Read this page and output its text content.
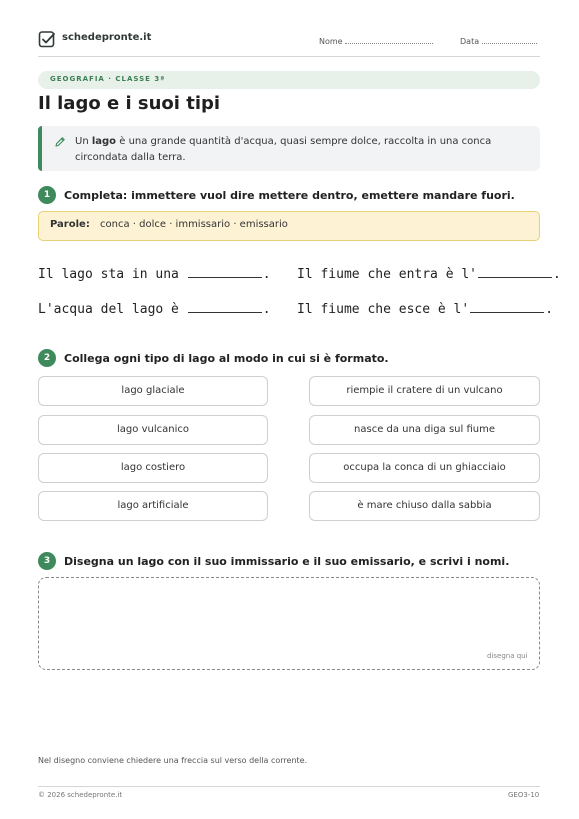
schedepronte.it	Nome	Data
GEOGRAFIA · CLASSE 3ª
Il lago e i suoi tipi
Un lago è una grande quantità d'acqua, quasi sempre dolce, raccolta in una conca circondata dalla terra.
1	Completa: immettere vuol dire mettere dentro, emettere mandare fuori.
Parole: conca · dolce · immissario · emissario
Il lago sta in una	. Il fiume che entra è l'	.
L'acqua del lago è	. Il fiume che esce è l'	.
2	Collega ogni tipo di lago al modo in cui si è formato.
lago glaciale
lago vulcanico
lago costiero
lago artificiale
riempie il cratere di un vulcano
nasce da una diga sul fiume
occupa la conca di un ghiacciaio
è mare chiuso dalla sabbia
3	Disegna un lago con il suo immissario e il suo emissario, e scrivi i nomi.
disegna qui
Nel disegno conviene chiedere una freccia sul verso della corrente.
© 2026 schedepronte.it	GEO3-10
